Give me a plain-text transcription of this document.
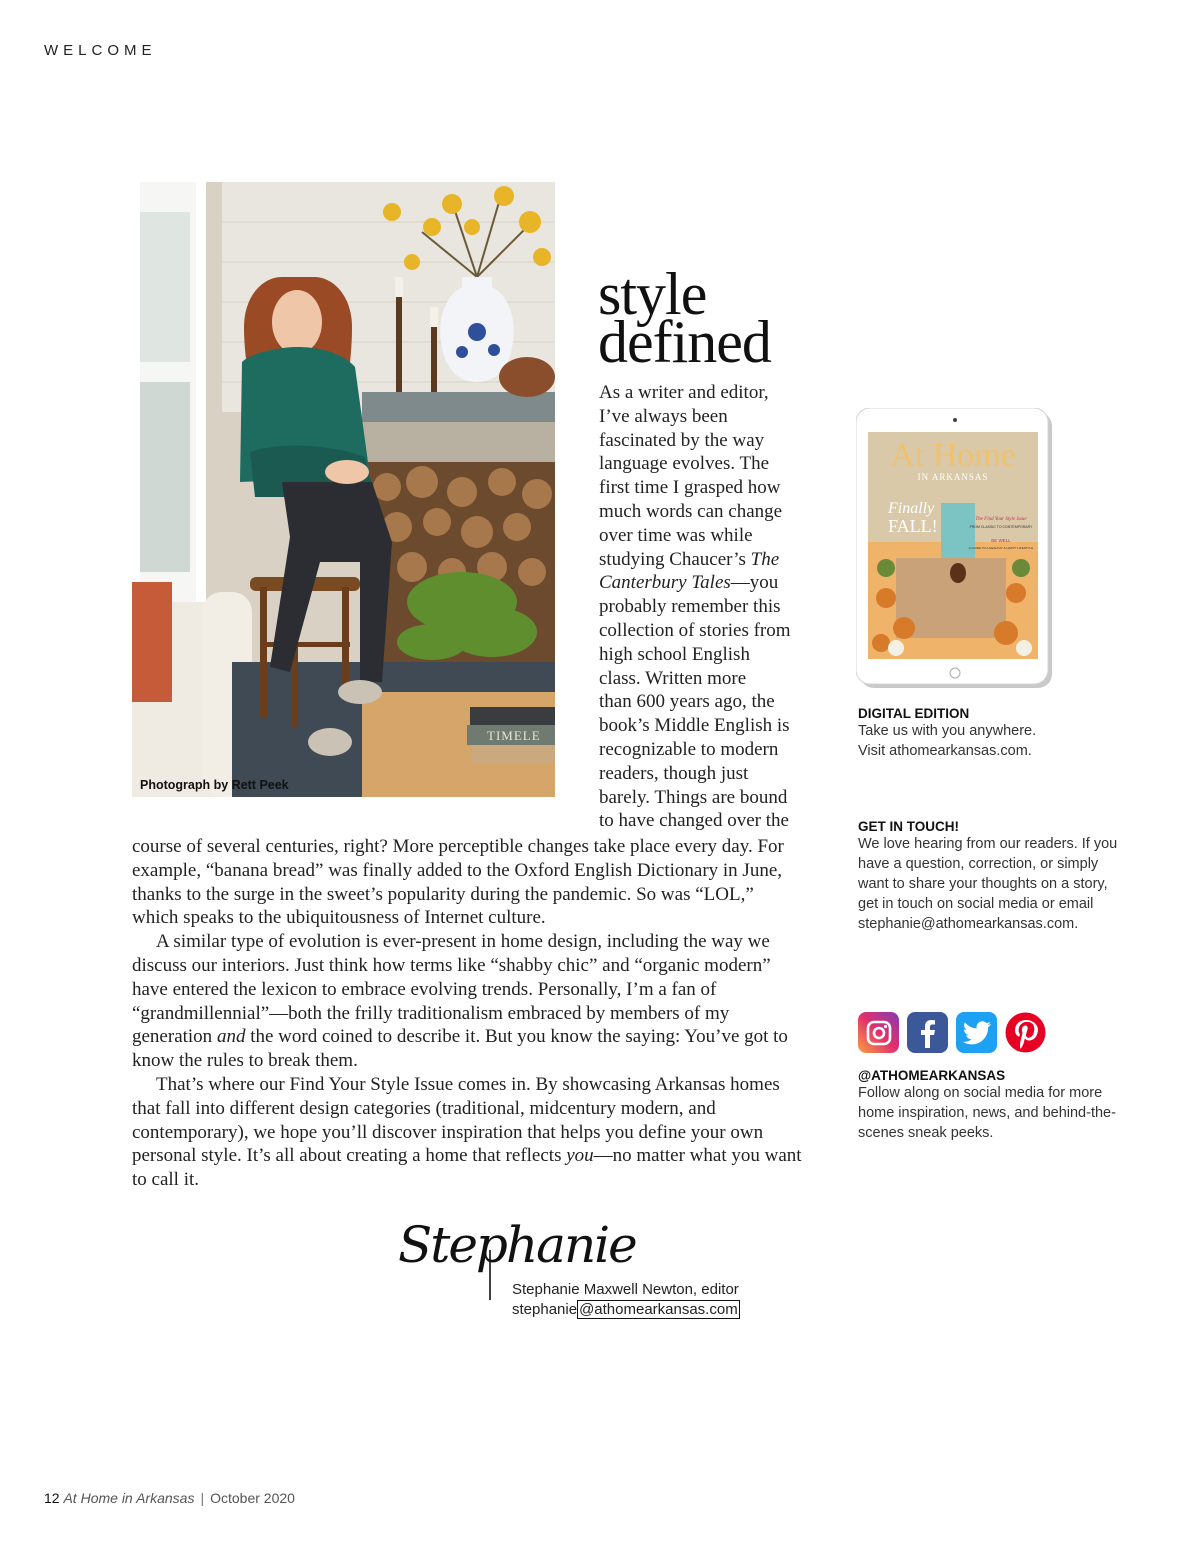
WELCOME
TIMELE
Photograph by Rett Peek
style
defined
As a writer and editor,
I’ve always been
fascinated by the way
language evolves. The
first time I grasped how
much words can change
over time was while
studying Chaucer’s The
Canterbury Tales—you
probably remember this
collection of stories from
high school English
class. Written more
than 600 years ago, the
book’s Middle English is
recognizable to modern
readers, though just
barely. Things are bound
to have changed over the

course of several centuries, right? More perceptible changes take place every day. For example, “banana bread” was finally added to the Oxford English Dictionary in June, thanks to the surge in the sweet’s popularity during the pandemic. So was “LOL,” which speaks to the ubiquitousness of Internet culture.

A similar type of evolution is ever-present in home design, including the way we discuss our interiors. Just think how terms like “shabby chic” and “organic modern” have entered the lexicon to embrace evolving trends. Personally, I’m a fan of “grandmillennial”—both the frilly traditionalism embraced by members of my generation and the word coined to describe it. But you know the saying: You’ve got to know the rules to break them.

That’s where our Find Your Style Issue comes in. By showcasing Arkansas homes that fall into different design categories (traditional, midcentury modern, and contemporary), we hope you’ll discover inspiration that helps you define your own personal style. It’s all about creating a home that reflects you—no matter what you want to call it.

At Home
IN ARKANSAS
Finally
FALL!	The Find Your Style Issue
FROM CLASSIC TO CONTEMPORARY
BE WELL
A GUIDE TO A HEALTHY & HAPPY LIFESTYLE
DIGITAL EDITION
Take us with you anywhere.
Visit athomearkansas.com.
GET IN TOUCH!
We love hearing from our readers. If you have a question, correction, or simply want to share your thoughts on a story, get in touch on social media or email stephanie@athomearkansas.com.
@ATHOMEARKANSAS
Follow along on social media for more home inspiration, news, and behind-the-scenes sneak peeks.
Stephanie
Stephanie Maxwell Newton, editor
stephanie @athomearkansas.com
12 At Home in Arkansas | October 2020
